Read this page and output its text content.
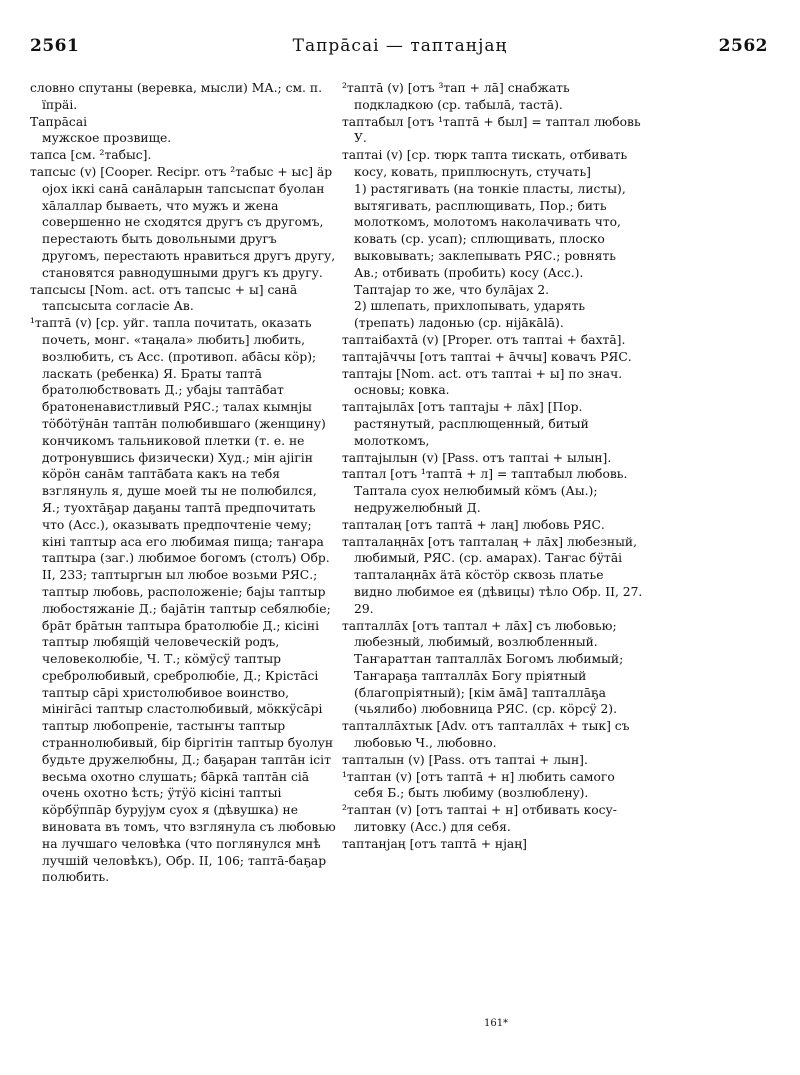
2561	Тапрāсаі — таптанjаң	2562

словно спутаны (веревка, мысли) МА.; см. п. ïпрäі.

Тапрāсаі

мужское прозвище.

тапса [см. ²табыс].

тапсыс (v) [Cooper. Recipr. отъ ²табыс + ыс] äр ојох іккі санā санāларын тапсыспат буолан хāлаллар бываеть, что мужъ и жена совершенно не сходятся другъ съ другомъ, перестають быть довольными другъ другомъ, перестають нравиться другъ другу, становятся равнодушными другъ къ другу.

тапсыcы [Nom. act. отъ тапсыс + ы] санā тапсысыта согласіе Ав.

¹таптā (v) [ср. уйг. тапла почитать, оказать почеть, монг. «таңала» любить] любить, возлюбить, съ Асс. (противоп. абāсы кӧр); ласкать (ребенка) Я. Браты таптā братолюбствовать Д.; убајы таптāбат братоненавистливый РЯС.; талах кымнјы тӧбӧтӱнāн таптāн полюбившаго (женщину) кончикомъ тальниковой плетки (т. е. не дотронувшись физически) Худ.; мін ајігін кӧрӧн санāм таптāбата какъ на тебя взглянуль я, душе моей ты не полюбился, Я.; туохтāҕар даҕаны таптā предпочитать что (Асс.), оказывать предпочтеніе чему; кіні таптыр аса его любимая пища; таҥара таптыра (заг.) любимое богомъ (столъ) Обр. II, 233; таптыргын ыл любое возьми РЯС.; таптыр любовь, расположеніе; бајы таптыр любостяжаніе Д.; бајāтін таптыр себялюбіе; брāт брāтын таптыра братолюбіе Д.; кісіні таптыр любящій человеческій родъ, человеколюбіе, Ч. Т.; кӧмӱсӱ таптыр сребролюбивый, сребролюбіе, Д.; Крістāсі таптыр сāрі христолюбивое воинство, мінігāсі таптыр сластолюбивый, мӧккӱсāрі таптыр любопреніе, тастыҥы таптыр страннолюбивый, біp біргітін таптыр буолун будьте дружелюбны, Д.; баҕаран таптāн ісіт весьма охотно слушать; бāркā таптāн сіā очень охотно ѣсть; ӱтӱӧ кісіні таптыі кӧрбӱппāр буруjум суох я (дѣвушка) не виновата въ томъ, что взглянула съ любовью на лучшаго человѣка (что поглянулся мнѣ лучшій человѣкъ), Обр. II, 106; таптā-баҕар полюбить.

²таптā (v) [отъ ³тап + лā] снабжать подкладкою (ср. табылā, тастā).

таптабыл [отъ ¹таптā + был] = таптал любовь У.

таптаі (v) [ср. тюрк тапта тискать, отбивать косу, ковать, приплюснуть, стучать]

1) растягивать (на тонкіе пласты, листы), вытягивать, расплющивать, Пор.; бить молоткомъ, молотомъ наколачивать что, ковать (ср. усап); сплющивать, плоско выковывать; заклепывать РЯС.; ровнять Ав.; отбивать (пробить) косу (Асс.). Таптајар то же, что булāјах 2.

2) шлепать, прихлопывать, ударять (трепать) ладонью (ср. ніjāкālā).

таптаібахтā (v) [Proper. отъ таптаі + бахтā].

таптаjāччы [отъ таптаі + āччы] ковачъ РЯС.

таптаjы [Nom. act. отъ таптаі + ы] по знач. основы; ковка.

таптаjылāх [отъ таптаjы + лāх] [Пор. растянутый, расплющенный, битый молоткомъ,

таптаjылын (v) [Pass. отъ таптаі + ылын].

таптал [отъ ¹таптā + л] = таптабыл любовь. Таптала суох нелюбимый кӧмъ (Аы.); недружелюбный Д.

тапталаң [отъ таптā + лаң] любовь РЯС.

тапталаңнāх [отъ тапталаң + лāх] любезный, любимый, РЯС. (ср. амарах). Таҥас бӱтāі тапталаңнāх äтā кӧстӧр сквозь платье видно любимое ея (дѣвицы) тѣло Обр. II, 27. 29.

тапталлāх [отъ таптал + лāх] съ любовью; любезный, любимый, возлюбленный. Таҥараттан тапталлāх Богомъ любимый; Таҥараҕа тапталлāх Богу пріятный (благопріятный); [кім āмā] тапталлāҕа (чьялибо) любовница РЯС. (ср. кӧрсӱ 2).

тапталлāхтык [Adv. отъ тапталлāх + тык] съ любовью Ч., любовно.

тапталын (v) [Pass. отъ таптаі + лын].

¹таптан (v) [отъ таптā + н] любить самого себя Б.; быть любиму (возлюбленy).

²таптан (v) [отъ таптаі + н] отбивать косу-литовку (Асс.) для себя.

таптанjаң [отъ таптā + нjаң]

161*
